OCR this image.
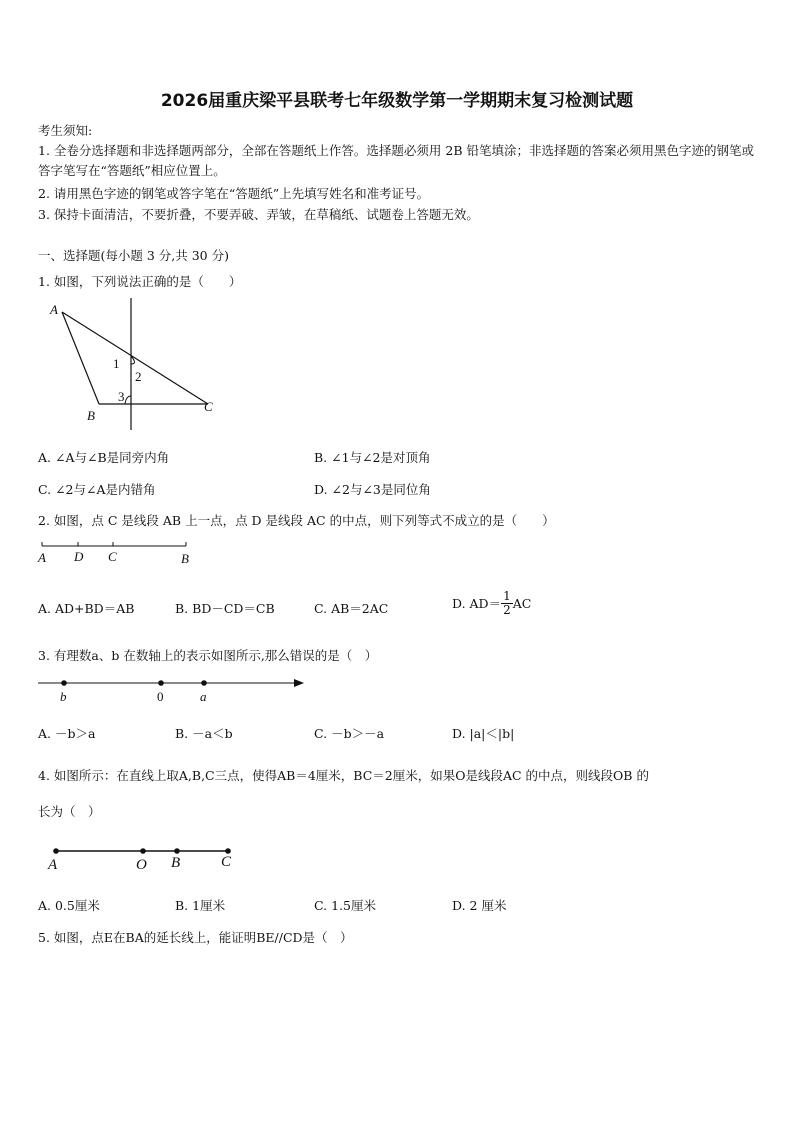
2026届重庆梁平县联考七年级数学第一学期期末复习检测试题
考生须知:
1. 全卷分选择题和非选择题两部分，全部在答题纸上作答。选择题必须用 2B 铅笔填涂；非选择题的答案必须用黑色字迹的钢笔或答字笔写在“答题纸”相应位置上。
2. 请用黑色字迹的钢笔或答字笔在“答题纸”上先填写姓名和准考证号。
3. 保持卡面清洁，不要折叠，不要弄破、弄皱，在草稿纸、试题卷上答题无效。
一、选择题(每小题 3 分,共 30 分)
1. 如图，下列说法正确的是（　　）
A
B
C
1
2
3
A. ∠A与∠B是同旁内角	B. ∠1与∠2是对顶角
C. ∠2与∠A是内错角	D. ∠2与∠3是同位角
2. 如图，点 C 是线段 AB 上一点，点 D 是线段 AC 的中点，则下列等式不成立的是（　　）
A D C	B
A. AD+BD＝AB	B. BD－CD＝CB	C. AB＝2AC	D. $AD= \frac{1}{2}$ AC
3. 有理数a、b 在数轴上的表示如图所示,那么错误的是（　）
b	0	a
A. －b＞a	B. －a＜b	C. －b＞－a	D. |a|＜|b|
4. 如图所示：在直线上取A,B,C三点，使得AB＝4厘米，BC＝2厘米，如果O是线段AC 的中点，则线段OB 的
长为（　）
A	O B	C
A. 0.5厘米	B. 1厘米	C. 1.5厘米	D. 2 厘米
5. 如图，点E在BA的延长线上，能证明BE//CD是（　）
